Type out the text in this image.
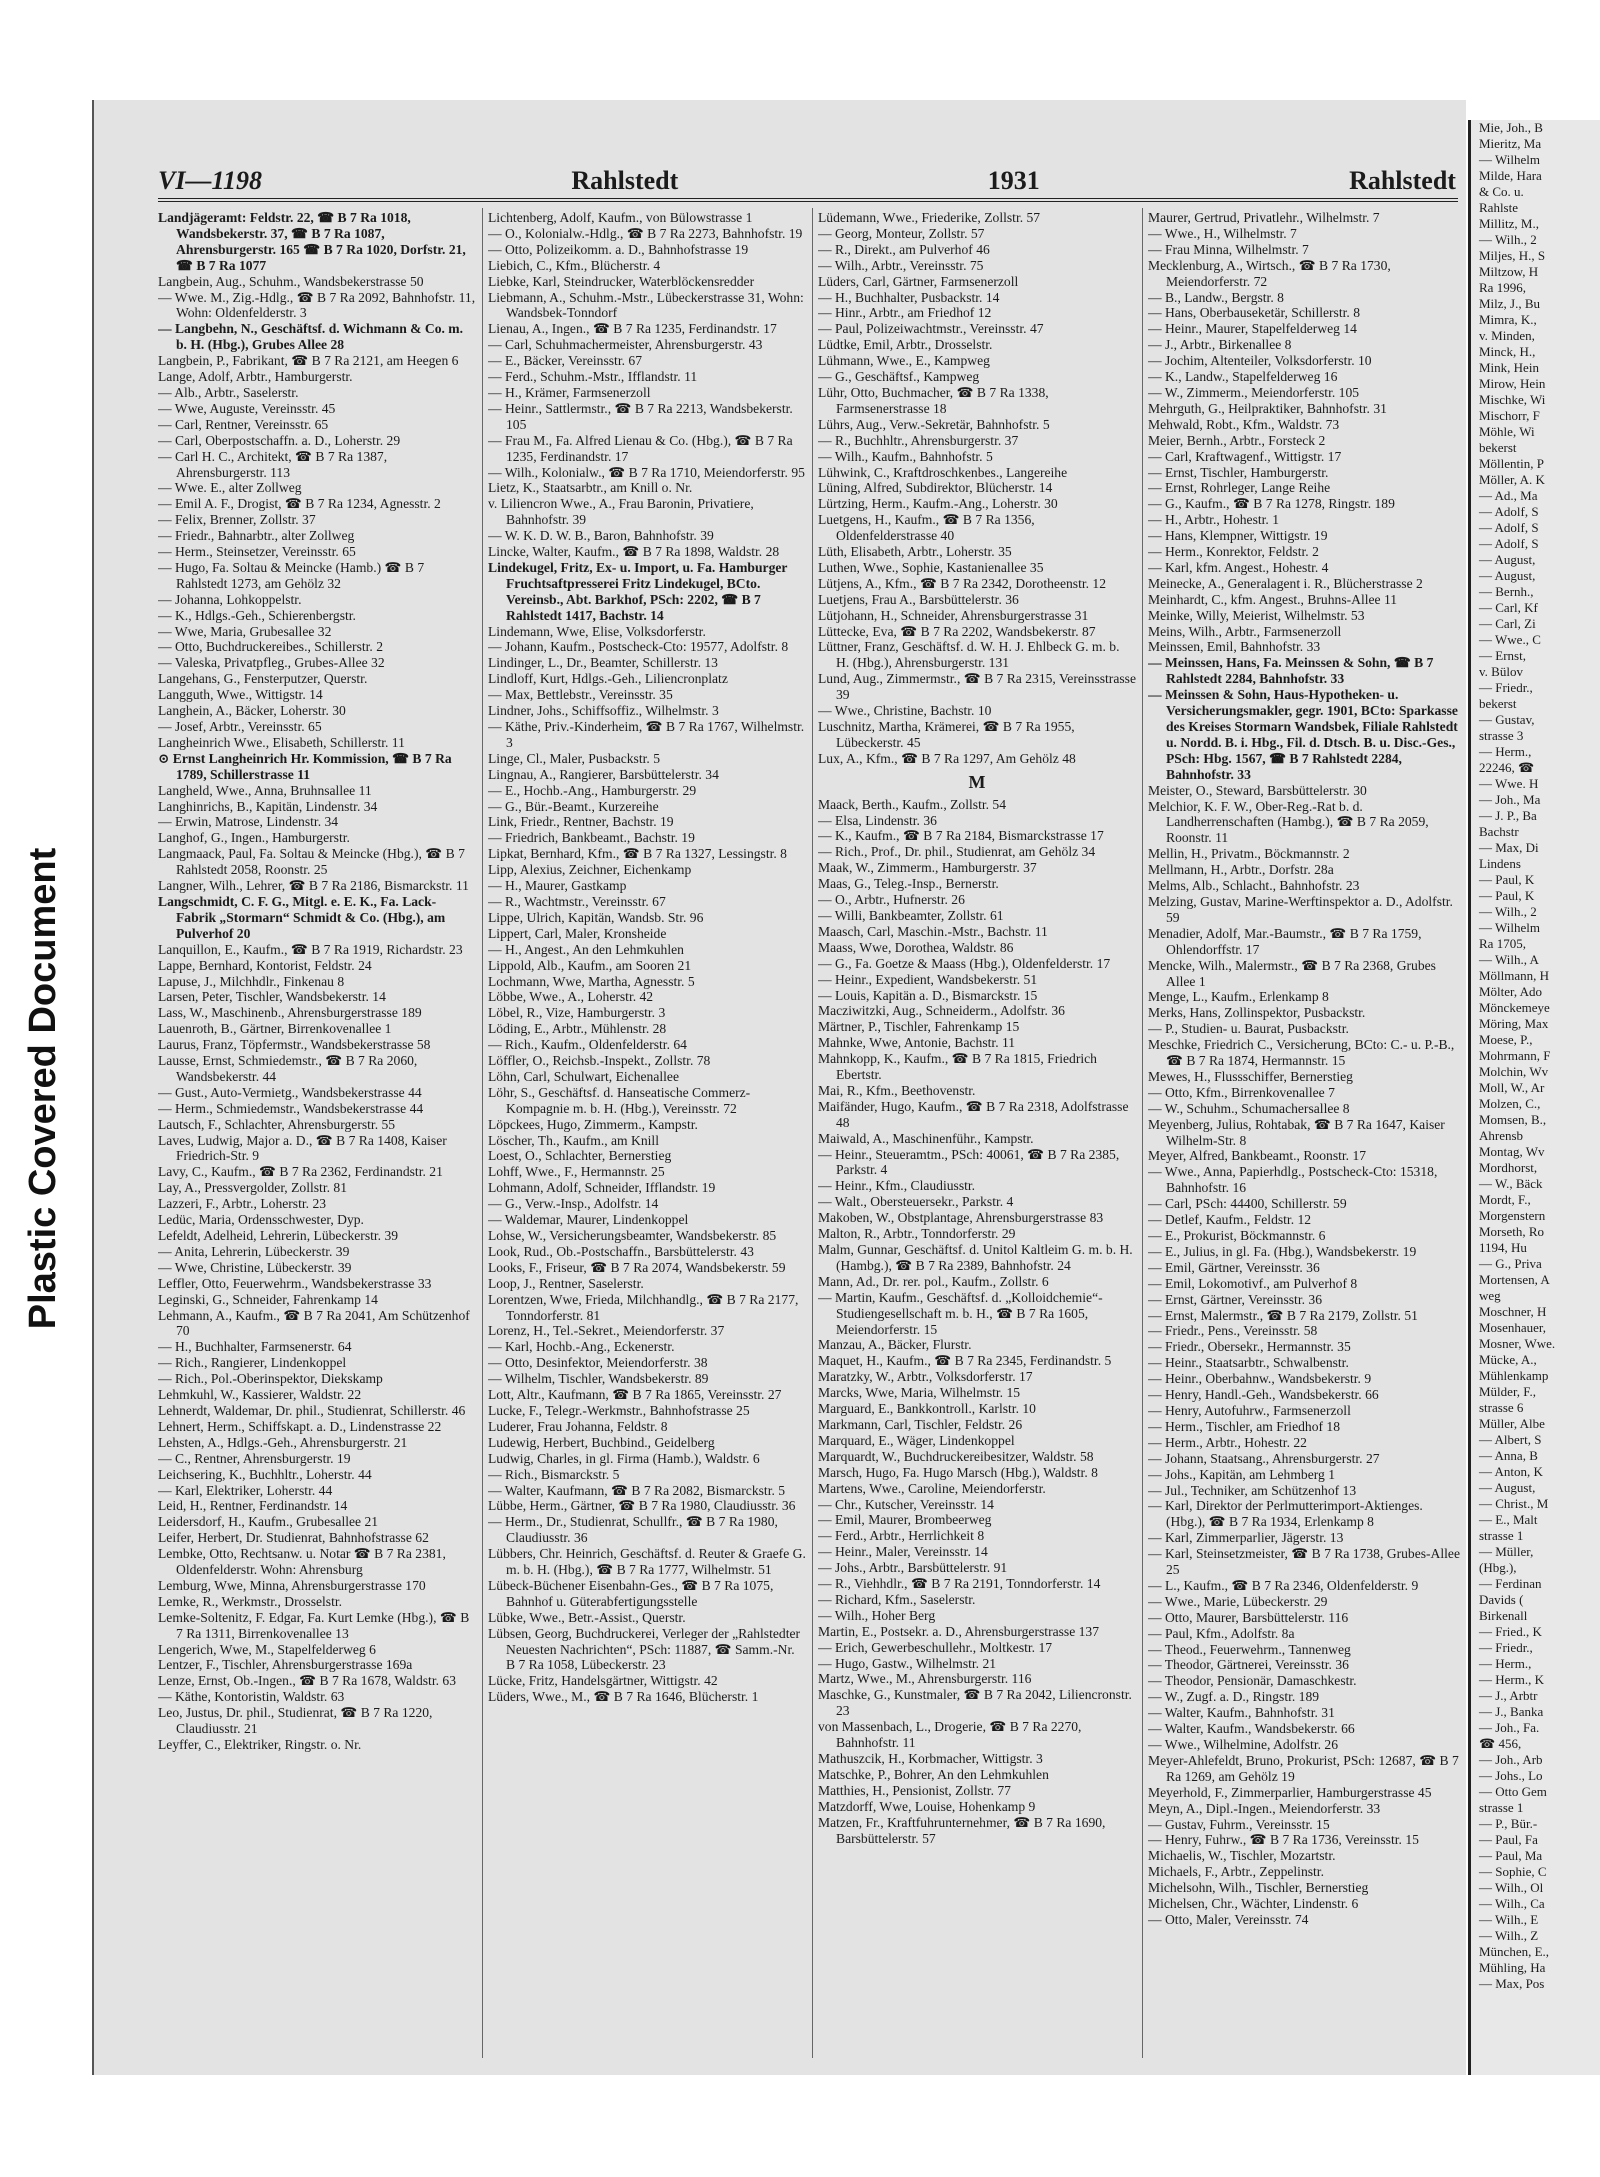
Plastic Covered Document
VI—1198	Rahlstedt	1931	Rahlstedt

Landjägeramt: Feldstr. 22, ☎ B 7 Ra 1018, Wandsbekerstr. 37, ☎ B 7 Ra 1087, Ahrensburgerstr. 165 ☎ B 7 Ra 1020, Dorfstr. 21, ☎ B 7 Ra 1077

Langbein, Aug., Schuhm., Wandsbekerstrasse 50

— Wwe. M., Zig.-Hdlg., ☎ B 7 Ra 2092, Bahnhofstr. 11, Wohn: Oldenfelderstr. 3

— Langbehn, N., Geschäftsf. d. Wichmann & Co. m. b. H. (Hbg.), Grubes Allee 28

Langbein, P., Fabrikant, ☎ B 7 Ra 2121, am Heegen 6

Lange, Adolf, Arbtr., Hamburgerstr.

— Alb., Arbtr., Saselerstr.

— Wwe, Auguste, Vereinsstr. 45

— Carl, Rentner, Vereinsstr. 65

— Carl, Oberpostschaffn. a. D., Loherstr. 29

— Carl H. C., Architekt, ☎ B 7 Ra 1387, Ahrensburgerstr. 113

— Wwe. E., alter Zollweg

— Emil A. F., Drogist, ☎ B 7 Ra 1234, Agnesstr. 2

— Felix, Brenner, Zollstr. 37

— Friedr., Bahnarbtr., alter Zollweg

— Herm., Steinsetzer, Vereinsstr. 65

— Hugo, Fa. Soltau & Meincke (Hamb.) ☎ B 7 Rahlstedt 1273, am Gehölz 32

— Johanna, Lohkoppelstr.

— K., Hdlgs.-Geh., Schierenbergstr.

— Wwe, Maria, Grubesallee 32

— Otto, Buchdruckereibes., Schillerstr. 2

— Valeska, Privatpfleg., Grubes-Allee 32

Langehans, G., Fensterputzer, Querstr.

Langguth, Wwe., Wittigstr. 14

Langhein, A., Bäcker, Loherstr. 30

— Josef, Arbtr., Vereinsstr. 65

Langheinrich Wwe., Elisabeth, Schillerstr. 11

⊙ Ernst Langheinrich Hr. Kommission, ☎ B 7 Ra 1789, Schillerstrasse 11

Langheld, Wwe., Anna, Bruhnsallee 11

Langhinrichs, B., Kapitän, Lindenstr. 34

— Erwin, Matrose, Lindenstr. 34

Langhof, G., Ingen., Hamburgerstr.

Langmaack, Paul, Fa. Soltau & Meincke (Hbg.), ☎ B 7 Rahlstedt 2058, Roonstr. 25

Langner, Wilh., Lehrer, ☎ B 7 Ra 2186, Bismarckstr. 11

Langschmidt, C. F. G., Mitgl. e. E. K., Fa. Lack-Fabrik „Stormarn“ Schmidt & Co. (Hbg.), am Pulverhof 20

Lanquillon, E., Kaufm., ☎ B 7 Ra 1919, Richardstr. 23

Lappe, Bernhard, Kontorist, Feldstr. 24

Lapuse, J., Milchhdlr., Finkenau 8

Larsen, Peter, Tischler, Wandsbekerstr. 14

Lass, W., Maschinenb., Ahrensburgerstrasse 189

Lauenroth, B., Gärtner, Birrenkovenallee 1

Laurus, Franz, Töpfermstr., Wandsbekerstrasse 58

Lausse, Ernst, Schmiedemstr., ☎ B 7 Ra 2060, Wandsbekerstr. 44

— Gust., Auto-Vermietg., Wandsbekerstrasse 44

— Herm., Schmiedemstr., Wandsbekerstrasse 44

Lautsch, F., Schlachter, Ahrensburgerstr. 55

Laves, Ludwig, Major a. D., ☎ B 7 Ra 1408, Kaiser Friedrich-Str. 9

Lavy, C., Kaufm., ☎ B 7 Ra 2362, Ferdinandstr. 21

Lay, A., Pressvergolder, Zollstr. 81

Lazzeri, F., Arbtr., Loherstr. 23

Ledüc, Maria, Ordensschwester, Dyp.

Lefeldt, Adelheid, Lehrerin, Lübeckerstr. 39

— Anita, Lehrerin, Lübeckerstr. 39

— Wwe, Christine, Lübeckerstr. 39

Leffler, Otto, Feuerwehrm., Wandsbekerstrasse 33

Leginski, G., Schneider, Fahrenkamp 14

Lehmann, A., Kaufm., ☎ B 7 Ra 2041, Am Schützenhof 70

— H., Buchhalter, Farmsenerstr. 64

— Rich., Rangierer, Lindenkoppel

— Rich., Pol.-Oberinspektor, Diekskamp

Lehmkuhl, W., Kassierer, Waldstr. 22

Lehnerdt, Waldemar, Dr. phil., Studienrat, Schillerstr. 46

Lehnert, Herm., Schiffskapt. a. D., Lindenstrasse 22

Lehsten, A., Hdlgs.-Geh., Ahrensburgerstr. 21

— C., Rentner, Ahrensburgerstr. 19

Leichsering, K., Buchhltr., Loherstr. 44

— Karl, Elektriker, Loherstr. 44

Leid, H., Rentner, Ferdinandstr. 14

Leidersdorf, H., Kaufm., Grubesallee 21

Leifer, Herbert, Dr. Studienrat, Bahnhofstrasse 62

Lembke, Otto, Rechtsanw. u. Notar ☎ B 7 Ra 2381, Oldenfelderstr. Wohn: Ahrensburg

Lemburg, Wwe, Minna, Ahrensburgerstrasse 170

Lemke, R., Werkmstr., Drosselstr.

Lemke-Soltenitz, F. Edgar, Fa. Kurt Lemke (Hbg.), ☎ B 7 Ra 1311, Birrenkovenallee 13

Lengerich, Wwe, M., Stapelfelderweg 6

Lentzer, F., Tischler, Ahrensburgerstrasse 169a

Lenze, Ernst, Ob.-Ingen., ☎ B 7 Ra 1678, Waldstr. 63

— Käthe, Kontoristin, Waldstr. 63

Leo, Justus, Dr. phil., Studienrat, ☎ B 7 Ra 1220, Claudiusstr. 21

Leyffer, C., Elektriker, Ringstr. o. Nr.

Lichtenberg, Adolf, Kaufm., von Bülowstrasse 1

— O., Kolonialw.-Hdlg., ☎ B 7 Ra 2273, Bahnhofstr. 19

— Otto, Polizeikomm. a. D., Bahnhofstrasse 19

Liebich, C., Kfm., Blücherstr. 4

Liebke, Karl, Steindrucker, Waterblöckensredder

Liebmann, A., Schuhm.-Mstr., Lübeckerstrasse 31, Wohn: Wandsbek-Tonndorf

Lienau, A., Ingen., ☎ B 7 Ra 1235, Ferdinandstr. 17

— Carl, Schuhmachermeister, Ahrensburgerstr. 43

— E., Bäcker, Vereinsstr. 67

— Ferd., Schuhm.-Mstr., Ifflandstr. 11

— H., Krämer, Farmsenerzoll

— Heinr., Sattlermstr., ☎ B 7 Ra 2213, Wandsbekerstr. 105

— Frau M., Fa. Alfred Lienau & Co. (Hbg.), ☎ B 7 Ra 1235, Ferdinandstr. 17

— Wilh., Kolonialw., ☎ B 7 Ra 1710, Meiendorferstr. 95

Lietz, K., Staatsarbtr., am Knill o. Nr.

v. Liliencron Wwe., A., Frau Baronin, Privatiere, Bahnhofstr. 39

— W. K. D. W. B., Baron, Bahnhofstr. 39

Lincke, Walter, Kaufm., ☎ B 7 Ra 1898, Waldstr. 28

Lindekugel, Fritz, Ex- u. Import, u. Fa. Hamburger Fruchtsaftpresserei Fritz Lindekugel, BCto. Vereinsb., Abt. Barkhof, PSch: 2202, ☎ B 7 Rahlstedt 1417, Bachstr. 14

Lindemann, Wwe, Elise, Volksdorferstr.

— Johann, Kaufm., Postscheck-Cto: 19577, Adolfstr. 8

Lindinger, L., Dr., Beamter, Schillerstr. 13

Lindloff, Kurt, Hdlgs.-Geh., Liliencronplatz

— Max, Bettlebstr., Vereinsstr. 35

Lindner, Johs., Schiffsoffiz., Wilhelmstr. 3

— Käthe, Priv.-Kinderheim, ☎ B 7 Ra 1767, Wilhelmstr. 3

Linge, Cl., Maler, Pusbackstr. 5

Lingnau, A., Rangierer, Barsbüttelerstr. 34

— E., Hochb.-Ang., Hamburgerstr. 29

— G., Bür.-Beamt., Kurzereihe

Link, Friedr., Rentner, Bachstr. 19

— Friedrich, Bankbeamt., Bachstr. 19

Lipkat, Bernhard, Kfm., ☎ B 7 Ra 1327, Lessingstr. 8

Lipp, Alexius, Zeichner, Eichenkamp

— H., Maurer, Gastkamp

— R., Wachtmstr., Vereinsstr. 67

Lippe, Ulrich, Kapitän, Wandsb. Str. 96

Lippert, Carl, Maler, Kronsheide

— H., Angest., An den Lehmkuhlen

Lippold, Alb., Kaufm., am Sooren 21

Lochmann, Wwe, Martha, Agnesstr. 5

Löbbe, Wwe., A., Loherstr. 42

Löbel, R., Vize, Hamburgerstr. 3

Löding, E., Arbtr., Mühlenstr. 28

— Rich., Kaufm., Oldenfelderstr. 64

Löffler, O., Reichsb.-Inspekt., Zollstr. 78

Löhn, Carl, Schulwart, Eichenallee

Löhr, S., Geschäftsf. d. Hanseatische Commerz-Kompagnie m. b. H. (Hbg.), Vereinsstr. 72

Löpckees, Hugo, Zimmerm., Kampstr.

Löscher, Th., Kaufm., am Knill

Loest, O., Schlachter, Bernerstieg

Lohff, Wwe., F., Hermannstr. 25

Lohmann, Adolf, Schneider, Ifflandstr. 19

— G., Verw.-Insp., Adolfstr. 14

— Waldemar, Maurer, Lindenkoppel

Lohse, W., Versicherungsbeamter, Wandsbekerstr. 85

Look, Rud., Ob.-Postschaffn., Barsbüttelerstr. 43

Looks, F., Friseur, ☎ B 7 Ra 2074, Wandsbekerstr. 59

Loop, J., Rentner, Saselerstr.

Lorentzen, Wwe, Frieda, Milchhandlg., ☎ B 7 Ra 2177, Tonndorferstr. 81

Lorenz, H., Tel.-Sekret., Meiendorferstr. 37

— Karl, Hochb.-Ang., Eckenerstr.

— Otto, Desinfektor, Meiendorferstr. 38

— Wilhelm, Tischler, Wandsbekerstr. 89

Lott, Altr., Kaufmann, ☎ B 7 Ra 1865, Vereinsstr. 27

Lucke, F., Telegr.-Werkmstr., Bahnhofstrasse 25

Luderer, Frau Johanna, Feldstr. 8

Ludewig, Herbert, Buchbind., Geidelberg

Ludwig, Charles, in gl. Firma (Hamb.), Waldstr. 6

— Rich., Bismarckstr. 5

— Walter, Kaufmann, ☎ B 7 Ra 2082, Bismarckstr. 5

Lübbe, Herm., Gärtner, ☎ B 7 Ra 1980, Claudiusstr. 36

— Herm., Dr., Studienrat, Schullfr., ☎ B 7 Ra 1980, Claudiusstr. 36

Lübbers, Chr. Heinrich, Geschäftsf. d. Reuter & Graefe G. m. b. H. (Hbg.), ☎ B 7 Ra 1777, Wilhelmstr. 51

Lübeck-Büchener Eisenbahn-Ges., ☎ B 7 Ra 1075, Bahnhof u. Güterabfertigungsstelle

Lübke, Wwe., Betr.-Assist., Querstr.

Lübsen, Georg, Buchdruckerei, Verleger der „Rahlstedter Neuesten Nachrichten“, PSch: 11887, ☎ Samm.-Nr. B 7 Ra 1058, Lübeckerstr. 23

Lücke, Fritz, Handelsgärtner, Wittigstr. 42

Lüders, Wwe., M., ☎ B 7 Ra 1646, Blücherstr. 1

Lüdemann, Wwe., Friederike, Zollstr. 57

— Georg, Monteur, Zollstr. 57

— R., Direkt., am Pulverhof 46

— Wilh., Arbtr., Vereinsstr. 75

Lüders, Carl, Gärtner, Farmsenerzoll

— H., Buchhalter, Pusbackstr. 14

— Hinr., Arbtr., am Friedhof 12

— Paul, Polizeiwachtmstr., Vereinsstr. 47

Lüdtke, Emil, Arbtr., Drosselstr.

Lühmann, Wwe., E., Kampweg

— G., Geschäftsf., Kampweg

Lühr, Otto, Buchmacher, ☎ B 7 Ra 1338, Farmsenerstrasse 18

Lührs, Aug., Verw.-Sekretär, Bahnhofstr. 5

— R., Buchhltr., Ahrensburgerstr. 37

— Wilh., Kaufm., Bahnhofstr. 5

Lühwink, C., Kraftdroschkenbes., Langereihe

Lüning, Alfred, Subdirektor, Blücherstr. 14

Lürtzing, Herm., Kaufm.-Ang., Loherstr. 30

Luetgens, H., Kaufm., ☎ B 7 Ra 1356, Oldenfelderstrasse 40

Lüth, Elisabeth, Arbtr., Loherstr. 35

Luthen, Wwe., Sophie, Kastanienallee 35

Lütjens, A., Kfm., ☎ B 7 Ra 2342, Dorotheenstr. 12

Luetjens, Frau A., Barsbüttelerstr. 36

Lütjohann, H., Schneider, Ahrensburgerstrasse 31

Lüttecke, Eva, ☎ B 7 Ra 2202, Wandsbekerstr. 87

Lüttner, Franz, Geschäftsf. d. W. H. J. Ehlbeck G. m. b. H. (Hbg.), Ahrensburgerstr. 131

Lund, Aug., Zimmermstr., ☎ B 7 Ra 2315, Vereinsstrasse 39

— Wwe., Christine, Bachstr. 10

Luschnitz, Martha, Krämerei, ☎ B 7 Ra 1955, Lübeckerstr. 45

Lux, A., Kfm., ☎ B 7 Ra 1297, Am Gehölz 48

M

Maack, Berth., Kaufm., Zollstr. 54

— Elsa, Lindenstr. 36

— K., Kaufm., ☎ B 7 Ra 2184, Bismarckstrasse 17

— Rich., Prof., Dr. phil., Studienrat, am Gehölz 34

Maak, W., Zimmerm., Hamburgerstr. 37

Maas, G., Teleg.-Insp., Bernerstr.

— O., Arbtr., Hufnerstr. 26

— Willi, Bankbeamter, Zollstr. 61

Maasch, Carl, Maschin.-Mstr., Bachstr. 11

Maass, Wwe, Dorothea, Waldstr. 86

— G., Fa. Goetze & Maass (Hbg.), Oldenfelderstr. 17

— Heinr., Expedient, Wandsbekerstr. 51

— Louis, Kapitän a. D., Bismarckstr. 15

Macziwitzki, Aug., Schneiderm., Adolfstr. 36

Märtner, P., Tischler, Fahrenkamp 15

Mahnke, Wwe, Antonie, Bachstr. 11

Mahnkopp, K., Kaufm., ☎ B 7 Ra 1815, Friedrich Ebertstr.

Mai, R., Kfm., Beethovenstr.

Maifänder, Hugo, Kaufm., ☎ B 7 Ra 2318, Adolfstrasse 48

Maiwald, A., Maschinenführ., Kampstr.

— Heinr., Steueramtm., PSch: 40061, ☎ B 7 Ra 2385, Parkstr. 4

— Heinr., Kfm., Claudiusstr.

— Walt., Obersteuersekr., Parkstr. 4

Makoben, W., Obstplantage, Ahrensburgerstrasse 83

Malton, R., Arbtr., Tonndorferstr. 29

Malm, Gunnar, Geschäftsf. d. Unitol Kaltleim G. m. b. H. (Hambg.), ☎ B 7 Ra 2389, Bahnhofstr. 24

Mann, Ad., Dr. rer. pol., Kaufm., Zollstr. 6

— Martin, Kaufm., Geschäftsf. d. „Kolloidchemie“-Studiengesellschaft m. b. H., ☎ B 7 Ra 1605, Meiendorferstr. 15

Manzau, A., Bäcker, Flurstr.

Maquet, H., Kaufm., ☎ B 7 Ra 2345, Ferdinandstr. 5

Maratzky, W., Arbtr., Volksdorferstr. 17

Marcks, Wwe, Maria, Wilhelmstr. 15

Marguard, E., Bankkontroll., Karlstr. 10

Markmann, Carl, Tischler, Feldstr. 26

Marquard, E., Wäger, Lindenkoppel

Marquardt, W., Buchdruckereibesitzer, Waldstr. 58

Marsch, Hugo, Fa. Hugo Marsch (Hbg.), Waldstr. 8

Martens, Wwe., Caroline, Meiendorferstr.

— Chr., Kutscher, Vereinsstr. 14

— Emil, Maurer, Brombeerweg

— Ferd., Arbtr., Herrlichkeit 8

— Heinr., Maler, Vereinsstr. 14

— Johs., Arbtr., Barsbüttelerstr. 91

— R., Viehhdlr., ☎ B 7 Ra 2191, Tonndorferstr. 14

— Richard, Kfm., Saselerstr.

— Wilh., Hoher Berg

Martin, E., Postsekr. a. D., Ahrensburgerstrasse 137

— Erich, Gewerbeschullehr., Moltkestr. 17

— Hugo, Gastw., Wilhelmstr. 21

Martz, Wwe., M., Ahrensburgerstr. 116

Maschke, G., Kunstmaler, ☎ B 7 Ra 2042, Liliencronstr. 23

von Massenbach, L., Drogerie, ☎ B 7 Ra 2270, Bahnhofstr. 11

Mathuszcik, H., Korbmacher, Wittigstr. 3

Matschke, P., Bohrer, An den Lehmkuhlen

Matthies, H., Pensionist, Zollstr. 77

Matzdorff, Wwe, Louise, Hohenkamp 9

Matzen, Fr., Kraftfuhrunternehmer, ☎ B 7 Ra 1690, Barsbüttelerstr. 57

Maurer, Gertrud, Privatlehr., Wilhelmstr. 7

— Wwe., H., Wilhelmstr. 7

— Frau Minna, Wilhelmstr. 7

Mecklenburg, A., Wirtsch., ☎ B 7 Ra 1730, Meiendorferstr. 72

— B., Landw., Bergstr. 8

— Hans, Oberbauseketär, Schillerstr. 8

— Heinr., Maurer, Stapelfelderweg 14

— J., Arbtr., Birkenallee 8

— Jochim, Altenteiler, Volksdorferstr. 10

— K., Landw., Stapelfelderweg 16

— W., Zimmerm., Meiendorferstr. 105

Mehrguth, G., Heilpraktiker, Bahnhofstr. 31

Mehwald, Robt., Kfm., Waldstr. 73

Meier, Bernh., Arbtr., Forsteck 2

— Carl, Kraftwagenf., Wittigstr. 17

— Ernst, Tischler, Hamburgerstr.

— Ernst, Rohrleger, Lange Reihe

— G., Kaufm., ☎ B 7 Ra 1278, Ringstr. 189

— H., Arbtr., Hohestr. 1

— Hans, Klempner, Wittigstr. 19

— Herm., Konrektor, Feldstr. 2

— Karl, kfm. Angest., Hohestr. 4

Meinecke, A., Generalagent i. R., Blücherstrasse 2

Meinhardt, C., kfm. Angest., Bruhns-Allee 11

Meinke, Willy, Meierist, Wilhelmstr. 53

Meins, Wilh., Arbtr., Farmsenerzoll

Meinssen, Emil, Bahnhofstr. 33

— Meinssen, Hans, Fa. Meinssen & Sohn, ☎ B 7 Rahlstedt 2284, Bahnhofstr. 33

— Meinssen & Sohn, Haus-Hypotheken- u. Versicherungsmakler, gegr. 1901, BCto: Sparkasse des Kreises Stormarn Wandsbek, Filiale Rahlstedt u. Nordd. B. i. Hbg., Fil. d. Dtsch. B. u. Disc.-Ges., PSch: Hbg. 1567, ☎ B 7 Rahlstedt 2284, Bahnhofstr. 33

Meister, O., Steward, Barsbüttelerstr. 30

Melchior, K. F. W., Ober-Reg.-Rat b. d. Landherrenschaften (Hambg.), ☎ B 7 Ra 2059, Roonstr. 11

Mellin, H., Privatm., Böckmannstr. 2

Mellmann, H., Arbtr., Dorfstr. 28a

Melms, Alb., Schlacht., Bahnhofstr. 23

Melzing, Gustav, Marine-Werftinspektor a. D., Adolfstr. 59

Menadier, Adolf, Mar.-Baumstr., ☎ B 7 Ra 1759, Ohlendorffstr. 17

Mencke, Wilh., Malermstr., ☎ B 7 Ra 2368, Grubes Allee 1

Menge, L., Kaufm., Erlenkamp 8

Merks, Hans, Zollinspektor, Pusbackstr.

— P., Studien- u. Baurat, Pusbackstr.

Meschke, Friedrich C., Versicherung, BCto: C.- u. P.-B., ☎ B 7 Ra 1874, Hermannstr. 15

Mewes, H., Flussschiffer, Bernerstieg

— Otto, Kfm., Birrenkovenallee 7

— W., Schuhm., Schumachersallee 8

Meyenberg, Julius, Rohtabak, ☎ B 7 Ra 1647, Kaiser Wilhelm-Str. 8

Meyer, Alfred, Bankbeamt., Roonstr. 17

— Wwe., Anna, Papierhdlg., Postscheck-Cto: 15318, Bahnhofstr. 16

— Carl, PSch: 44400, Schillerstr. 59

— Detlef, Kaufm., Feldstr. 12

— E., Prokurist, Böckmannstr. 6

— E., Julius, in gl. Fa. (Hbg.), Wandsbekerstr. 19

— Emil, Gärtner, Vereinsstr. 36

— Emil, Lokomotivf., am Pulverhof 8

— Ernst, Gärtner, Vereinsstr. 36

— Ernst, Malermstr., ☎ B 7 Ra 2179, Zollstr. 51

— Friedr., Pens., Vereinsstr. 58

— Friedr., Obersekr., Hermannstr. 35

— Heinr., Staatsarbtr., Schwalbenstr.

— Heinr., Oberbahnw., Wandsbekerstr. 9

— Henry, Handl.-Geh., Wandsbekerstr. 66

— Henry, Autofuhrw., Farmsenerzoll

— Herm., Tischler, am Friedhof 18

— Herm., Arbtr., Hohestr. 22

— Johann, Staatsang., Ahrensburgerstr. 27

— Johs., Kapitän, am Lehmberg 1

— Jul., Techniker, am Schützenhof 13

— Karl, Direktor der Perlmutterimport-Aktienges. (Hbg.), ☎ B 7 Ra 1934, Erlenkamp 8

— Karl, Zimmerparlier, Jägerstr. 13

— Karl, Steinsetzmeister, ☎ B 7 Ra 1738, Grubes-Allee 25

— L., Kaufm., ☎ B 7 Ra 2346, Oldenfelderstr. 9

— Wwe., Marie, Lübeckerstr. 29

— Otto, Maurer, Barsbüttelerstr. 116

— Paul, Kfm., Adolfstr. 8a

— Theod., Feuerwehrm., Tannenweg

— Theodor, Gärtnerei, Vereinsstr. 36

— Theodor, Pensionär, Damaschkestr.

— W., Zugf. a. D., Ringstr. 189

— Walter, Kaufm., Bahnhofstr. 31

— Walter, Kaufm., Wandsbekerstr. 66

— Wwe., Wilhelmine, Adolfstr. 26

Meyer-Ahlefeldt, Bruno, Prokurist, PSch: 12687, ☎ B 7 Ra 1269, am Gehölz 19

Meyerhold, F., Zimmerparlier, Hamburgerstrasse 45

Meyn, A., Dipl.-Ingen., Meiendorferstr. 33

— Gustav, Fuhrm., Vereinsstr. 15

— Henry, Fuhrw., ☎ B 7 Ra 1736, Vereinsstr. 15

Michaelis, W., Tischler, Mozartstr.

Michaels, F., Arbtr., Zeppelinstr.

Michelsohn, Wilh., Tischler, Bernerstieg

Michelsen, Chr., Wächter, Lindenstr. 6

— Otto, Maler, Vereinsstr. 74

Mie, Joh., B
Mieritz, Ma
— Wilhelm
Milde, Hara
& Co. u.
Rahlste
Millitz, M.,
— Wilh., 2
Miljes, H., S
Miltzow, H
Ra 1996,
Milz, J., Bu
Mimra, K.,
v. Minden,
Minck, H.,
Mink, Hein
Mirow, Hein
Mischke, Wi
Mischorr, F
Möhle, Wi
bekerst
Möllentin, P
Möller, A. K
— Ad., Ma
— Adolf, S
— Adolf, S
— Adolf, S
— August,
— August,
— Bernh.,
— Carl, Kf
— Carl, Zi
— Wwe., C
— Ernst,
v. Bülov
— Friedr.,
bekerst
— Gustav,
strasse 3
— Herm.,
22246, ☎
— Wwe. H
— Joh., Ma
— J. P., Ba
Bachstr
— Max, Di
Lindens
— Paul, K
— Paul, K
— Wilh., 2
— Wilhelm
Ra 1705,
— Wilh., A
Möllmann, H
Mölter, Ado
Mönckemeye
Möring, Max
Moese, P.,
Mohrmann, F
Molchin, Wv
Moll, W., Ar
Molzen, C.,
Momsen, B.,
Ahrensb
Montag, Wv
Mordhorst,
— W., Bäck
Mordt, F.,
Morgenstern
Morseth, Ro
1194, Hu
— G., Priva
Mortensen, A
weg
Moschner, H
Mosenhauer,
Mosner, Wwe.
Mücke, A.,
Mühlenkamp
Mülder, F.,
strasse 6
Müller, Albe
— Albert, S
— Anna, B
— Anton, K
— August,
— Christ., M
— E., Malt
strasse 1
— Müller,
(Hbg.),
— Ferdinan
Davids (
Birkenall
— Fried., K
— Friedr.,
— Herm.,
— Herm., K
— J., Arbtr
— J., Banka
— Joh., Fa.
☎ 456,
— Joh., Arb
— Johs., Lo
— Otto Gem
strasse 1
— P., Bür.-
— Paul, Fa
— Paul, Ma
— Sophie, C
— Wilh., Ol
— Wilh., Ca
— Wilh., E
— Wilh., Z
München, E.,
Mühling, Ha
— Max, Pos
